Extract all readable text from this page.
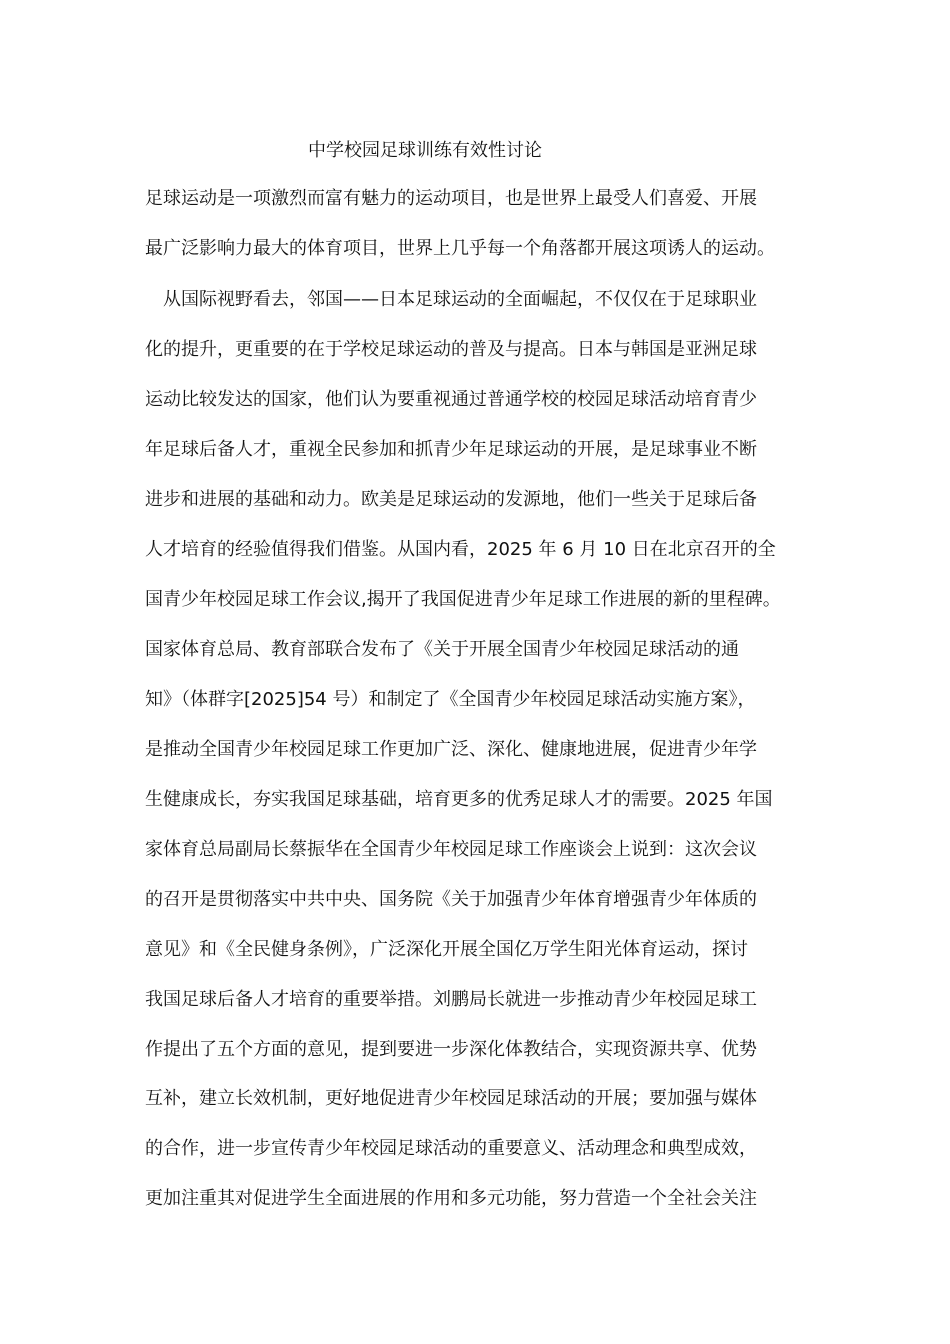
中学校园足球训练有效性讨论
足球运动是一项激烈而富有魅力的运动项目，也是世界上最受人们喜爱、开展
最广泛影响力最大的体育项目，世界上几乎每一个角落都开展这项诱人的运动。
　从国际视野看去，邻国——日本足球运动的全面崛起，不仅仅在于足球职业
化的提升，更重要的在于学校足球运动的普及与提高。日本与韩国是亚洲足球
运动比较发达的国家，他们认为要重视通过普通学校的校园足球活动培育青少
年足球后备人才，重视全民参加和抓青少年足球运动的开展，是足球事业不断
进步和进展的基础和动力。欧美是足球运动的发源地，他们一些关于足球后备
人才培育的经验值得我们借鉴。从国内看，2025 年 6 月 10 日在北京召开的全
国青少年校园足球工作会议,揭开了我国促进青少年足球工作进展的新的里程碑。
国家体育总局、教育部联合发布了《关于开展全国青少年校园足球活动的通
知》（体群字[2025]54 号）和制定了《全国青少年校园足球活动实施方案》，
是推动全国青少年校园足球工作更加广泛、深化、健康地进展，促进青少年学
生健康成长，夯实我国足球基础，培育更多的优秀足球人才的需要。2025 年国
家体育总局副局长蔡振华在全国青少年校园足球工作座谈会上说到：这次会议
的召开是贯彻落实中共中央、国务院《关于加强青少年体育增强青少年体质的
意见》和《全民健身条例》，广泛深化开展全国亿万学生阳光体育运动，探讨
我国足球后备人才培育的重要举措。刘鹏局长就进一步推动青少年校园足球工
作提出了五个方面的意见，提到要进一步深化体教结合，实现资源共享、优势
互补，建立长效机制，更好地促进青少年校园足球活动的开展；要加强与媒体
的合作，进一步宣传青少年校园足球活动的重要意义、活动理念和典型成效，
更加注重其对促进学生全面进展的作用和多元功能，努力营造一个全社会关注
